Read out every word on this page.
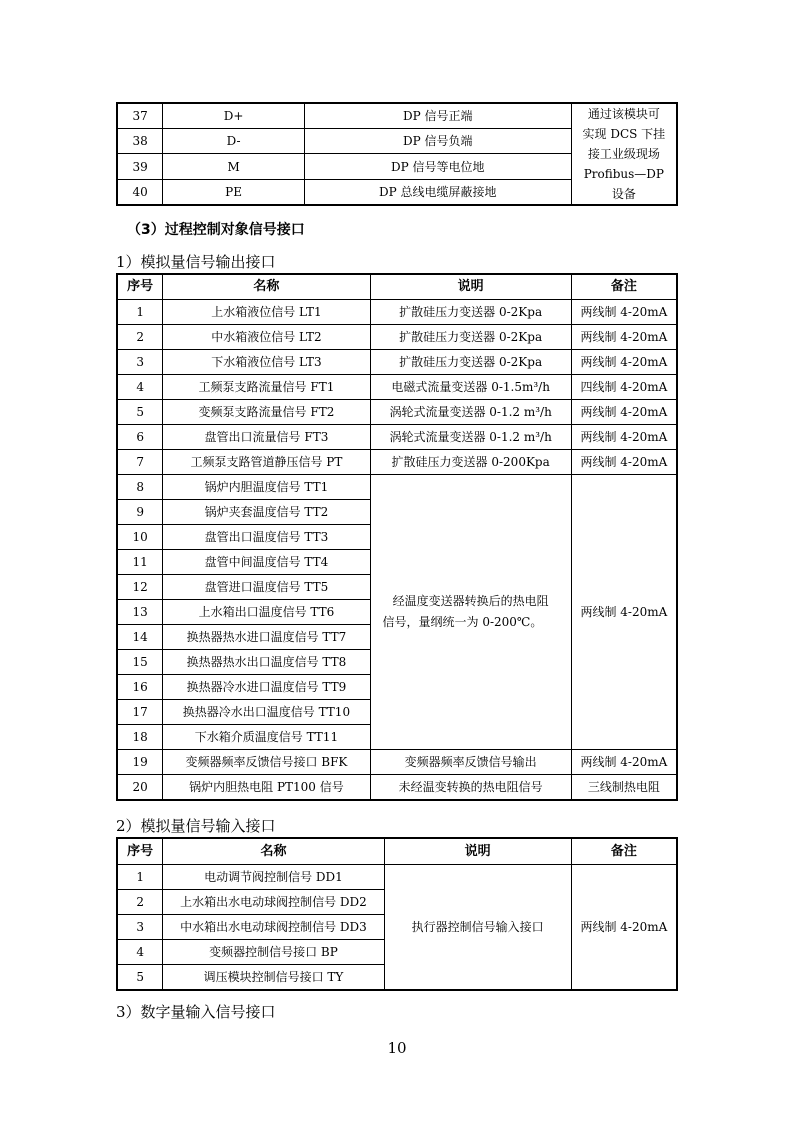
37	D+	DP 信号正端	通过该模块可
实现 DCS 下挂
接工业级现场
Profibus—DP
设备

38	D-	DP 信号负端	
39	M	DP 信号等电位地	
40	PE	DP 总线电缆屏蔽接地	
（3）过程控制对象信号接口
1）模拟量信号输出接口
序号	名称	说明	备注
1	上水箱液位信号 LT1	扩散硅压力变送器 0-2Kpa	两线制 4-20mA
2	中水箱液位信号 LT2	扩散硅压力变送器 0-2Kpa	两线制 4-20mA
3	下水箱液位信号 LT3	扩散硅压力变送器 0-2Kpa	两线制 4-20mA
4	工频泵支路流量信号 FT1	电磁式流量变送器 0-1.5m³/h	四线制 4-20mA
5	变频泵支路流量信号 FT2	涡轮式流量变送器 0-1.2 m³/h	两线制 4-20mA
6	盘管出口流量信号 FT3	涡轮式流量变送器 0-1.2 m³/h	两线制 4-20mA
7	工频泵支路管道静压信号 PT	扩散硅压力变送器 0-200Kpa	两线制 4-20mA
8	锅炉内胆温度信号 TT1	经温度变送器转换后的热电阻
信号，量纲统一为 0-200℃。	两线制 4-20mA
9	锅炉夹套温度信号 TT2		
10	盘管出口温度信号 TT3		
11	盘管中间温度信号 TT4		
12	盘管进口温度信号 TT5		
13	上水箱出口温度信号 TT6		
14	换热器热水进口温度信号 TT7		
15	换热器热水出口温度信号 TT8		
16	换热器冷水进口温度信号 TT9		
17	换热器冷水出口温度信号 TT10		
18	下水箱介质温度信号 TT11		
19	变频器频率反馈信号接口 BFK	变频器频率反馈信号输出	两线制 4-20mA
20	锅炉内胆热电阻 PT100 信号	未经温变转换的热电阻信号	三线制热电阻
2）模拟量信号输入接口
序号	名称	说明	备注
1	电动调节阀控制信号 DD1	执行器控制信号输入接口	两线制 4-20mA
2	上水箱出水电动球阀控制信号 DD2		
3	中水箱出水电动球阀控制信号 DD3		
4	变频器控制信号接口 BP		
5	调压模块控制信号接口 TY		
3）数字量输入信号接口
10
